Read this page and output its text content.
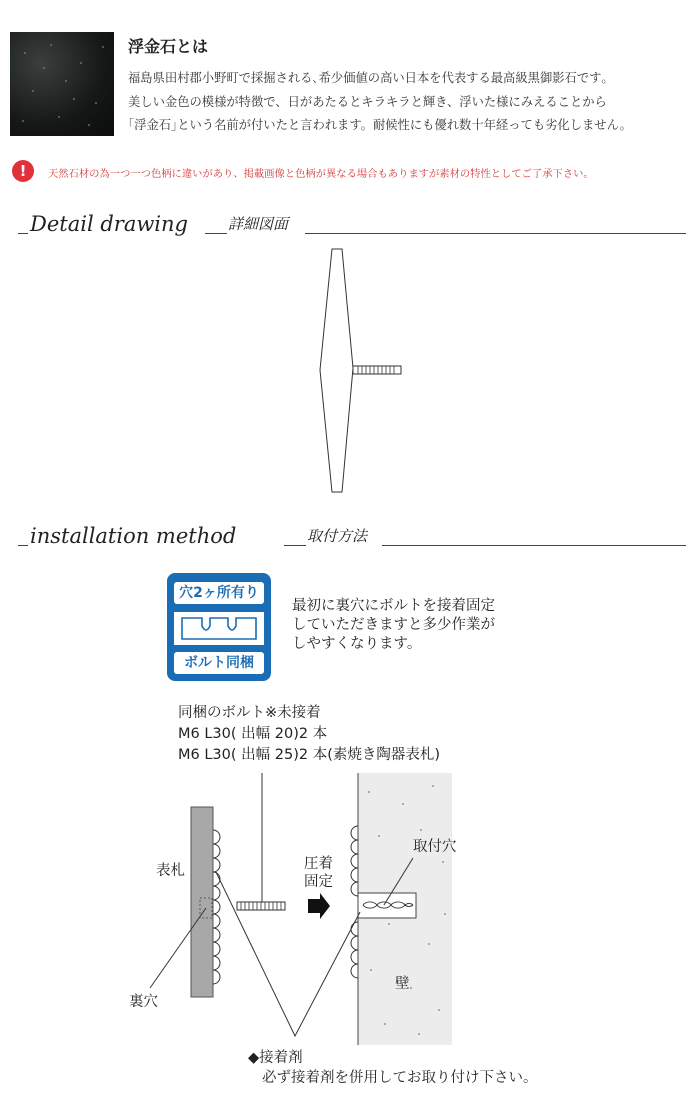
浮金石とは
福島県田村郡小野町で採掘される､希少価値の高い日本を代表する最高級黒御影石です｡
美しい金色の模様が特徴で、日があたるとキラキラと輝き、浮いた様にみえることから
｢浮金石｣という名前が付いたと言われます。耐候性にも優れ数十年経っても劣化しません。
!	天然石材の為一つ一つ色柄に違いがあり、掲載画像と色柄が異なる場合もありますが素材の特性としてご了承下さい。
Detail drawing	詳細図面
installation method	取付方法
穴2ヶ所有り
ボルト同梱
最初に裏穴にボルトを接着固定
していただきますと多少作業が
しやすくなります。
同梱のボルト※未接着
M6 L30( 出幅 20)2 本
M6 L30( 出幅 25)2 本(素焼き陶器表札)
表札
裏穴
圧着
固定
取付穴
壁
◆接着剤
必ず接着剤を併用してお取り付け下さい。
